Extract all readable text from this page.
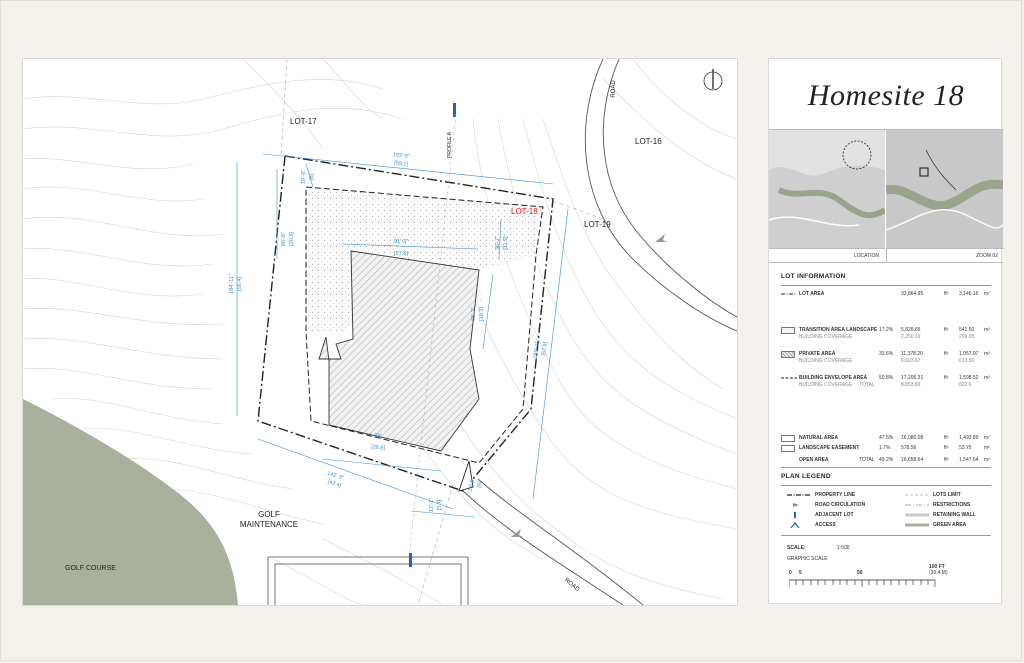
LOT-17
LOT-16
LOT-18
LOT-19
GOLF
MAINTENANCE
GOLF COURSE
ROAD
ROAD
PROFILE A
193'-9"
[59.1]
184'-11" [56.4]
189'-11" [57.9]
142'-3"
[43.4]
91'-3"
[27.8]
88'
[26.8]
66'-6" [20.3]
19'-8" [6]
36'-7" [11.2]
60'-2" [18.3]
12'-1" [3.7]
19'-8" [6]
Homesite 18
LOCATION	ZOOM 02
LOT INFORMATION
LOT AREA	33,864.95	ft² 3,146.16 m²
TRANSITION AREA LANDSCAPE 17.2% 5,828.65	ft² 541.50 m²
BUILDING COVERAGE	2,250.19	209.05
PRIVATE AREA	33.6% 11,378.20	ft² 1,057.07 m²
BUILDING COVERAGE	6,603.67	613.50
BUILDING ENVELOPE AREA 50.8% 17,206.31	ft² 1,598.52 m²
BUILDING COVERAGE TOTAL	8,853.86	822.6
NATURAL AREA	47.5% 16,080.08	ft² 1,493.89 m²
LANDSCAPE EASEMENT	1.7% 578.56	ft² 53.75 m²
OPEN AREA	TOTAL 49.2% 16,658.64	ft² 1,547.64 m²
PLAN LEGEND
PROPERTY LINE
ROAD CIRCULATION
ADJACENT LOT
ACCESS
LOTS LIMIT
RESTRICTIONS
RETAINING WALL
GREEN AREA
SCALE:	1:500
GRAPHIC SCALE
0 5	50
100 FT
(30.4 M)
